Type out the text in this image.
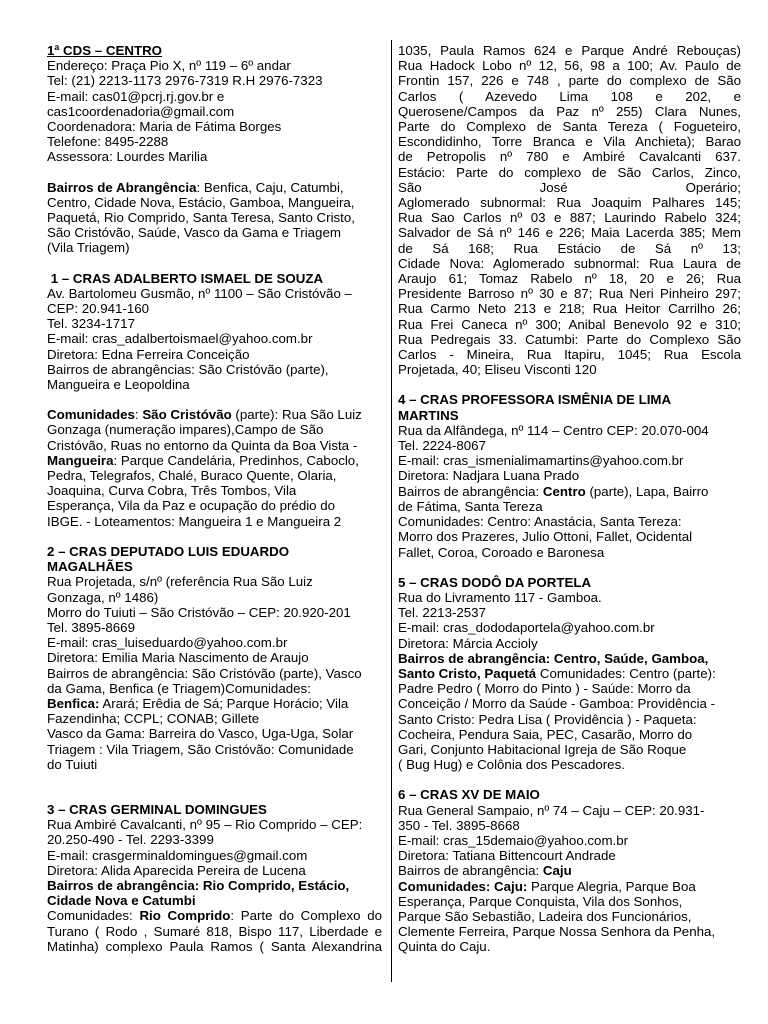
1ª CDS – CENTRO
Endereço: Praça Pio X, nº 119 – 6º andar
Tel: (21) 2213-1173 2976-7319 R.H 2976-7323
E-mail: cas01@pcrj.rj.gov.br e
cas1coordenadoria@gmail.com
Coordenadora: Maria de Fátima Borges
Telefone: 8495-2288
Assessora: Lourdes Marilia
Bairros de Abrangência: Benfica, Caju, Catumbi,
Centro, Cidade Nova, Estácio, Gamboa, Mangueira,
Paquetá, Rio Comprido, Santa Teresa, Santo Cristo,
São Cristóvão, Saúde, Vasco da Gama e Triagem
(Vila Triagem)
1 – CRAS ADALBERTO ISMAEL DE SOUZA
Av. Bartolomeu Gusmão, nº 1100 – São Cristóvão –
CEP: 20.941-160
Tel. 3234-1717
E-mail: cras_adalbertoismael@yahoo.com.br
Diretora: Edna Ferreira Conceição
Bairros de abrangências: São Cristóvão (parte),
Mangueira e Leopoldina
Comunidades: São Cristóvão (parte): Rua São Luiz
Gonzaga (numeração impares),Campo de São
Cristóvão, Ruas no entorno da Quinta da Boa Vista -
Mangueira: Parque Candelária, Predinhos, Caboclo,
Pedra, Telegrafos, Chalé, Buraco Quente, Olaria,
Joaquina, Curva Cobra, Três Tombos, Vila
Esperança, Vila da Paz e ocupação do prédio do
IBGE. - Loteamentos: Mangueira 1 e Mangueira 2
2 – CRAS DEPUTADO LUIS EDUARDO
MAGALHÃES
Rua Projetada, s/nº (referência Rua São Luiz
Gonzaga, nº 1486)
Morro do Tuiuti – São Cristóvão – CEP: 20.920-201
Tel. 3895-8669
E-mail: cras_luiseduardo@yahoo.com.br
Diretora: Emilia Maria Nascimento de Araujo
Bairros de abrangência: São Cristóvão (parte), Vasco
da Gama, Benfica (e Triagem)Comunidades:
Benfica: Arará; Erêdia de Sá; Parque Horácio; Vila
Fazendinha; CCPL; CONAB; Gillete
Vasco da Gama: Barreira do Vasco, Uga-Uga, Solar
Triagem : Vila Triagem, São Cristóvão: Comunidade
do Tuiuti
3 – CRAS GERMINAL DOMINGUES
Rua Ambiré Cavalcanti, nº 95 – Rio Comprido – CEP:
20.250-490 - Tel. 2293-3399
E-mail: crasgerminaldomingues@gmail.com
Diretora: Alida Aparecida Pereira de Lucena
Bairros de abrangência: Rio Comprido, Estácio,
Cidade Nova e Catumbi
Comunidades: Rio Comprido: Parte do Complexo do
Turano ( Rodo , Sumaré 818, Bispo 117, Liberdade e
Matinha) complexo Paula Ramos ( Santa Alexandrina
1035, Paula Ramos 624 e Parque André Rebouças)
Rua Hadock Lobo nº 12, 56, 98 a 100; Av. Paulo de
Frontin 157, 226 e 748 , parte do complexo de São
Carlos ( Azevedo Lima 108 e 202, e
Querosene/Campos da Paz nº 255) Clara Nunes,
Parte do Complexo de Santa Tereza ( Fogueteiro,
Escondidinho, Torre Branca e Vila Anchieta); Barao
de Petropolis nº 780 e Ambiré Cavalcanti 637.
Estácio: Parte do complexo de São Carlos, Zinco,
São José Operário;
Aglomerado subnormal: Rua Joaquim Palhares 145;
Rua Sao Carlos nº 03 e 887; Laurindo Rabelo 324;
Salvador de Sá nº 146 e 226; Maia Lacerda 385; Mem
de Sá 168; Rua Estácio de Sá nº 13;
Cidade Nova: Aglomerado subnormal: Rua Laura de
Araujo 61; Tomaz Rabelo nº 18, 20 e 26; Rua
Presidente Barroso nº 30 e 87; Rua Neri Pinheiro 297;
Rua Carmo Neto 213 e 218; Rua Heitor Carrilho 26;
Rua Frei Caneca nº 300; Anibal Benevolo 92 e 310;
Rua Pedregais 33. Catumbi: Parte do Complexo São
Carlos - Mineira, Rua Itapiru, 1045; Rua Escola
Projetada, 40; Eliseu Visconti 120
4 – CRAS PROFESSORA ISMÊNIA DE LIMA
MARTINS
Rua da Alfândega, nº 114 – Centro CEP: 20.070-004
Tel. 2224-8067
E-mail: cras_ismenialimamartins@yahoo.com.br
Diretora: Nadjara Luana Prado
Bairros de abrangência: Centro (parte), Lapa, Bairro
de Fátima, Santa Tereza
Comunidades: Centro: Anastácia, Santa Tereza:
Morro dos Prazeres, Julio Ottoni, Fallet, Ocidental
Fallet, Coroa, Coroado e Baronesa
5 – CRAS DODÔ DA PORTELA
Rua do Livramento 117 - Gamboa.
Tel. 2213-2537
E-mail: cras_dododaportela@yahoo.com.br
Diretora: Márcia Accioly
Bairros de abrangência: Centro, Saúde, Gamboa,
Santo Cristo, Paquetá Comunidades: Centro (parte):
Padre Pedro ( Morro do Pinto ) - Saúde: Morro da
Conceição / Morro da Saúde - Gamboa: Providência -
Santo Cristo: Pedra Lisa ( Providência ) - Paqueta:
Cocheira, Pendura Saia, PEC, Casarão, Morro do
Gari, Conjunto Habitacional Igreja de São Roque
( Bug Hug) e Colônia dos Pescadores.
6 – CRAS XV DE MAIO
Rua General Sampaio, nº 74 – Caju – CEP: 20.931-
350 - Tel. 3895-8668
E-mail: cras_15demaio@yahoo.com.br
Diretora: Tatiana Bittencourt Andrade
Bairros de abrangência: Caju
Comunidades: Caju: Parque Alegria, Parque Boa
Esperança, Parque Conquista, Vila dos Sonhos,
Parque São Sebastião, Ladeira dos Funcionários,
Clemente Ferreira, Parque Nossa Senhora da Penha,
Quinta do Caju.
